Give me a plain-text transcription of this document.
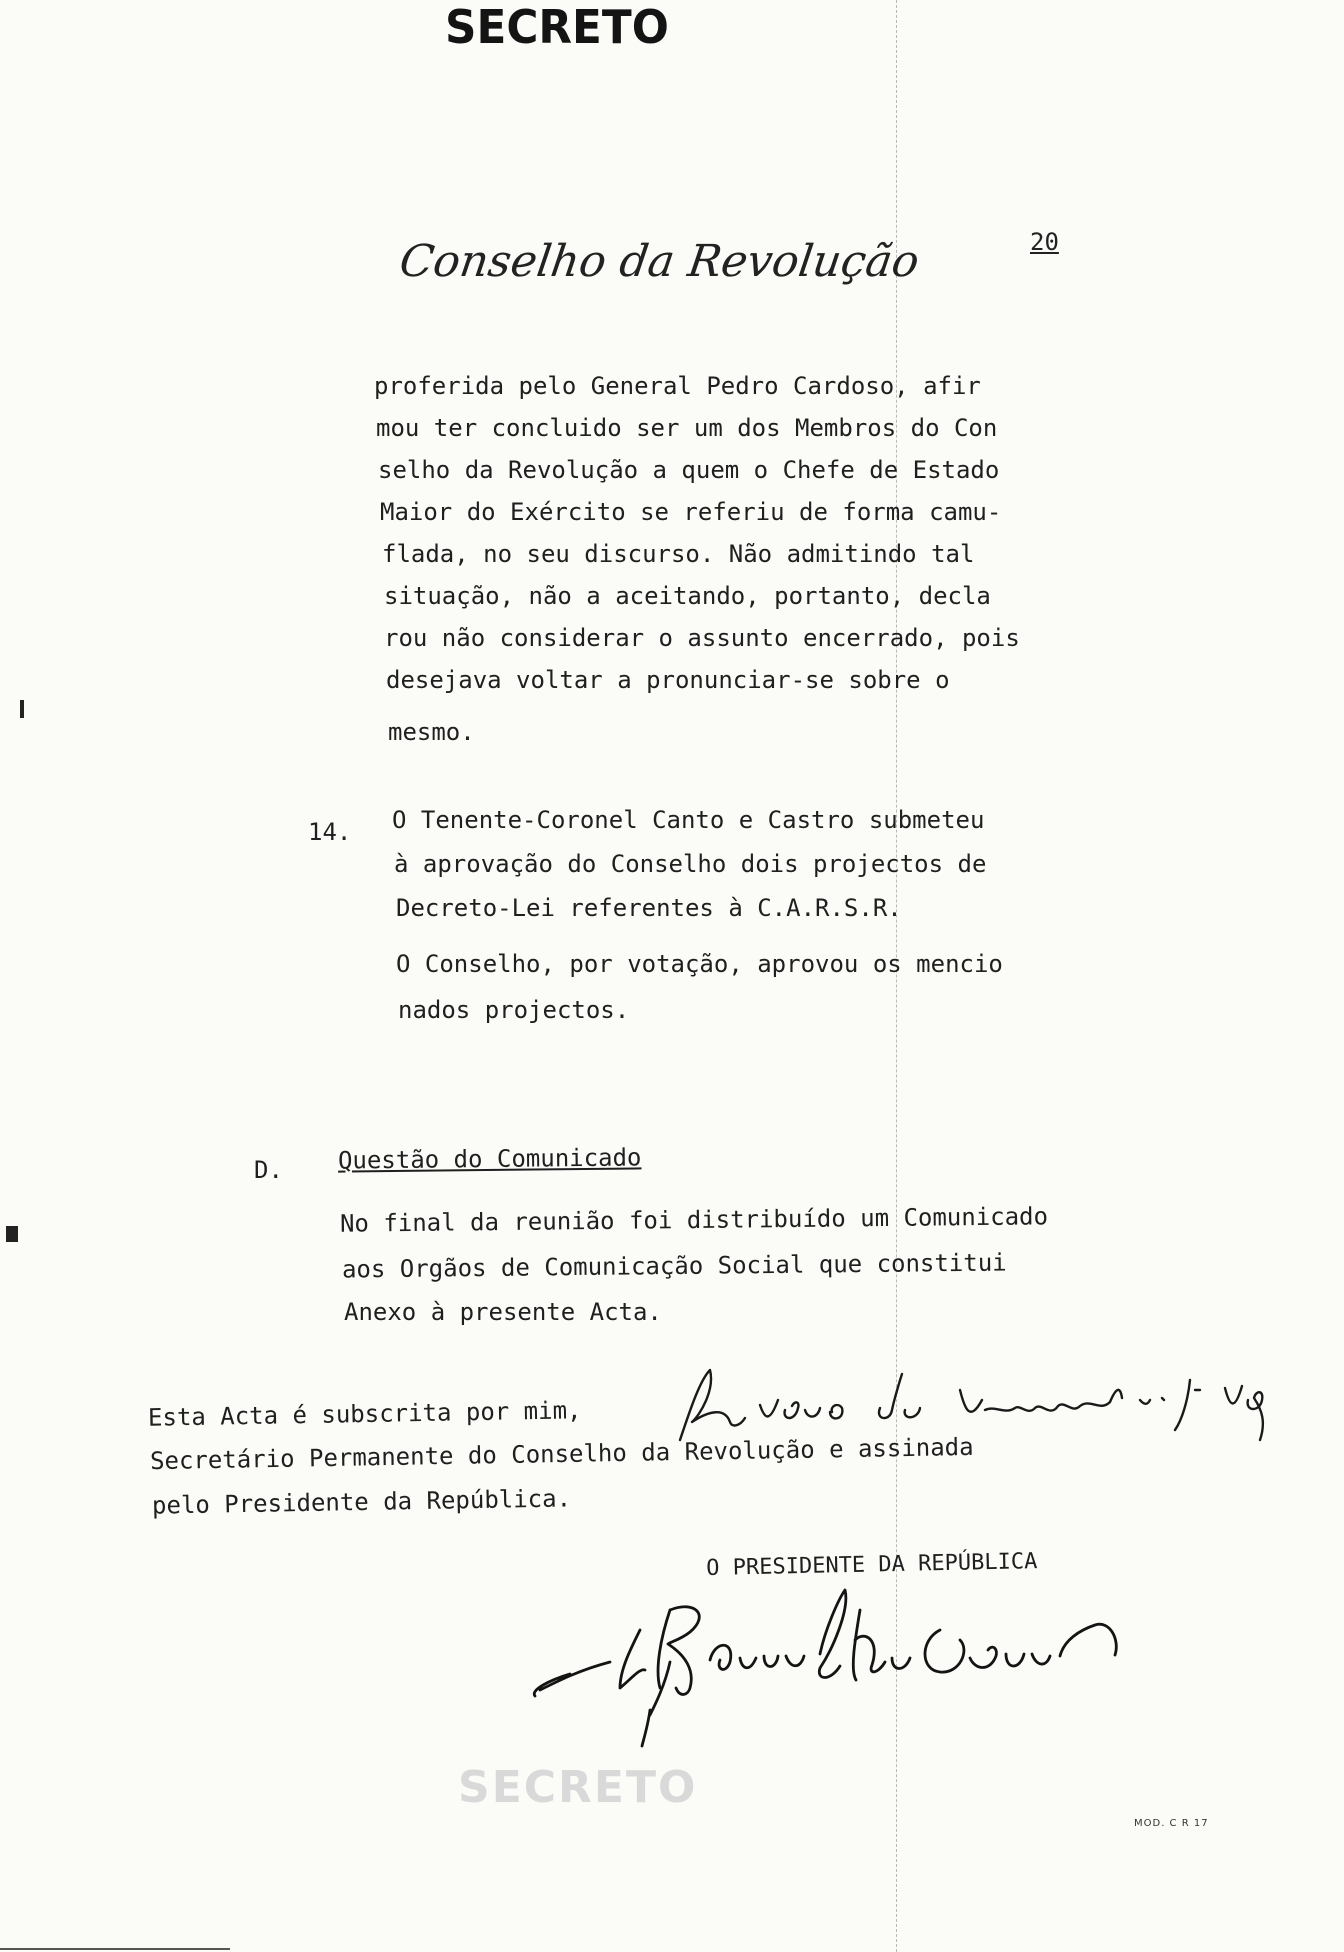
SECRETO
Conselho da Revolução	20
proferida pelo General Pedro Cardoso, afir
mou ter concluido ser um dos Membros do Con
selho da Revolução a quem o Chefe de Estado
Maior do Exército se referiu de forma camu-
flada, no seu discurso. Não admitindo tal
situação, não a aceitando, portanto, decla
rou não considerar o assunto encerrado, pois
desejava voltar a pronunciar-se sobre o
mesmo.
14. O Tenente-Coronel Canto e Castro submeteu
à aprovação do Conselho dois projectos de
Decreto-Lei referentes à C.A.R.S.R.
O Conselho, por votação, aprovou os mencio
nados projectos.
D. Questão do Comunicado
No final da reunião foi distribuído um Comunicado
aos Orgãos de Comunicação Social que constitui
Anexo à presente Acta.
Esta Acta é subscrita por mim,
Secretário Permanente do Conselho da Revolução e assinada
pelo Presidente da República.
O PRESIDENTE DA REPÚBLICA
SECRETO
MOD. C R 17
